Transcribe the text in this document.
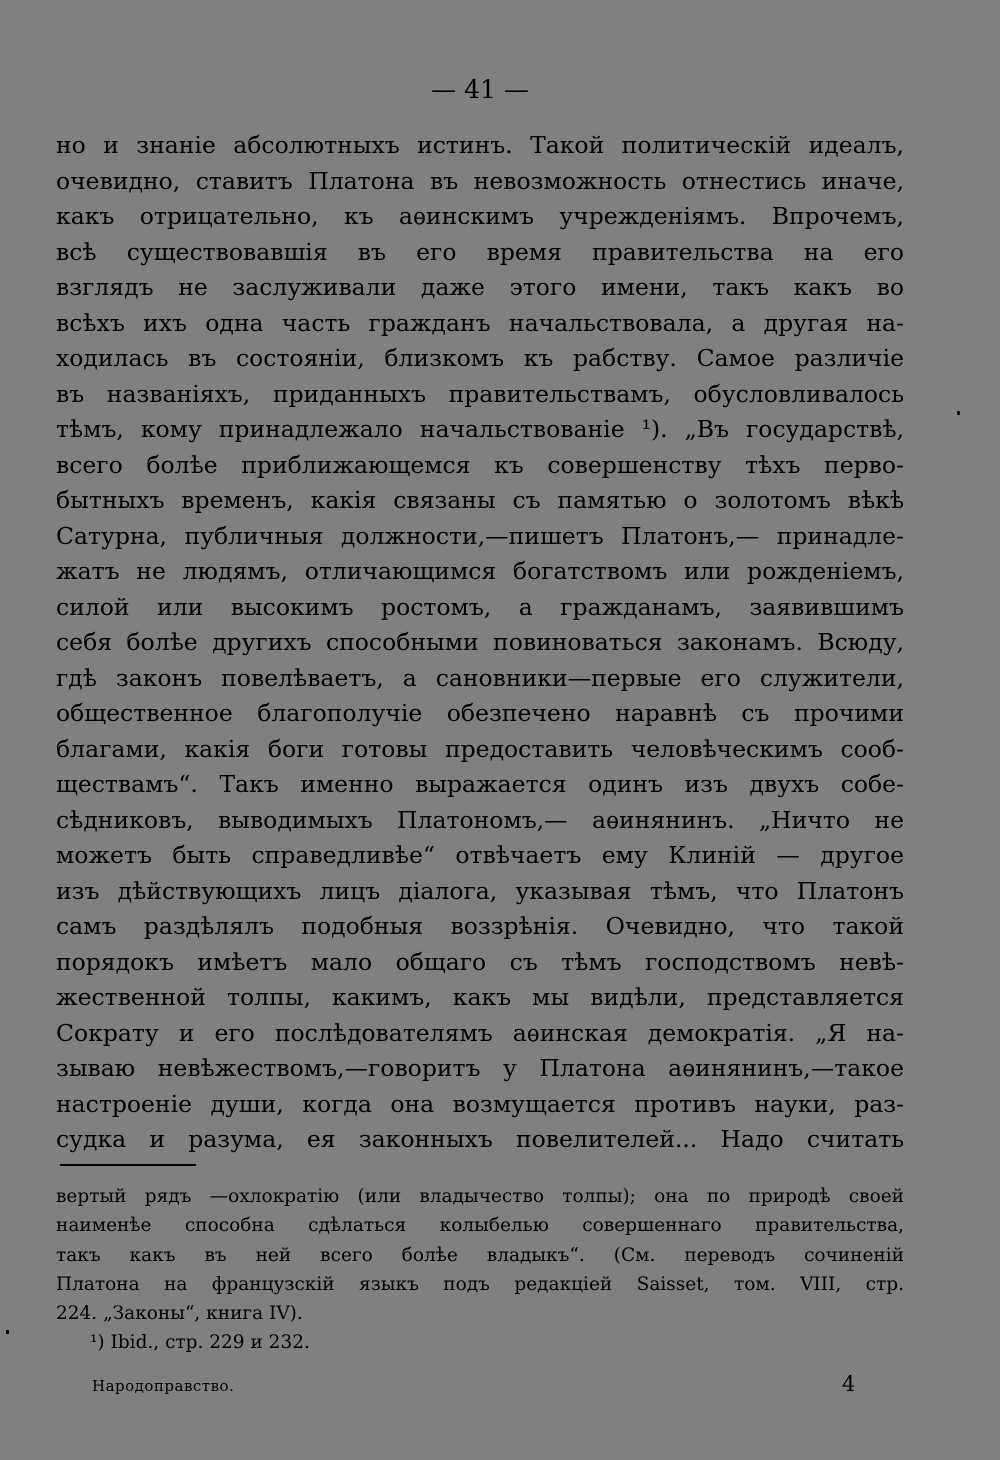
— 41 —
но и знаніе абсолютныхъ истинъ. Такой политическій идеалъ,
очевидно, ставитъ Платона въ невозможность отнестись иначе,
какъ отрицательно, къ аѳинскимъ учрежденіямъ. Впрочемъ,
всѣ существовавшія въ его время правительства на его
взглядъ не заслуживали даже этого имени, такъ какъ во
всѣхъ ихъ одна часть гражданъ начальствовала, а другая на-
ходилась въ состояніи, близкомъ къ рабству. Самое различіе
въ названіяхъ, приданныхъ правительствамъ, обусловливалось
тѣмъ, кому принадлежало начальствованіе ¹). „Въ государствѣ,
всего болѣе приближающемся къ совершенству тѣхъ перво-
бытныхъ временъ, какія связаны съ памятью о золотомъ вѣкѣ
Сатурна, публичныя должности,—пишетъ Платонъ,— принадле-
жатъ не людямъ, отличающимся богатствомъ или рожденіемъ,
силой или высокимъ ростомъ, а гражданамъ, заявившимъ
себя болѣе другихъ способными повиноваться законамъ. Всюду,
гдѣ законъ повелѣваетъ, а сановники—первые его служители,
общественное благополучіе обезпечено наравнѣ съ прочими
благами, какія боги готовы предоставить человѣческимъ сооб-
ществамъ“. Такъ именно выражается одинъ изъ двухъ собе-
сѣдниковъ, выводимыхъ Платономъ,— аѳинянинъ. „Ничто не
можетъ быть справедливѣе“ отвѣчаетъ ему Клиній — другое
изъ дѣйствующихъ лицъ діалога, указывая тѣмъ, что Платонъ
самъ раздѣлялъ подобныя воззрѣнія. Очевидно, что такой
порядокъ имѣетъ мало общаго съ тѣмъ господствомъ невѣ-
жественной толпы, какимъ, какъ мы видѣли, представляется
Сократу и его послѣдователямъ аѳинская демократія. „Я на-
зываю невѣжествомъ,—говоритъ у Платона аѳинянинъ,—такое
настроеніе души, когда она возмущается противъ науки, раз-
судка и разума, ея законныхъ повелителей... Надо считать
вертый рядъ —охлократію (или владычество толпы); она по природѣ своей
наименѣе способна сдѣлаться колыбелью совершеннаго правительства,
такъ какъ въ ней всего болѣе владыкъ“. (См. переводъ сочиненій
Платона на французскій языкъ подъ редакціей Saisset, том. VIII, стр.
224. „Законы“, книга IV).
¹) Ibid., стр. 229 и 232.
Народоправство.	4
